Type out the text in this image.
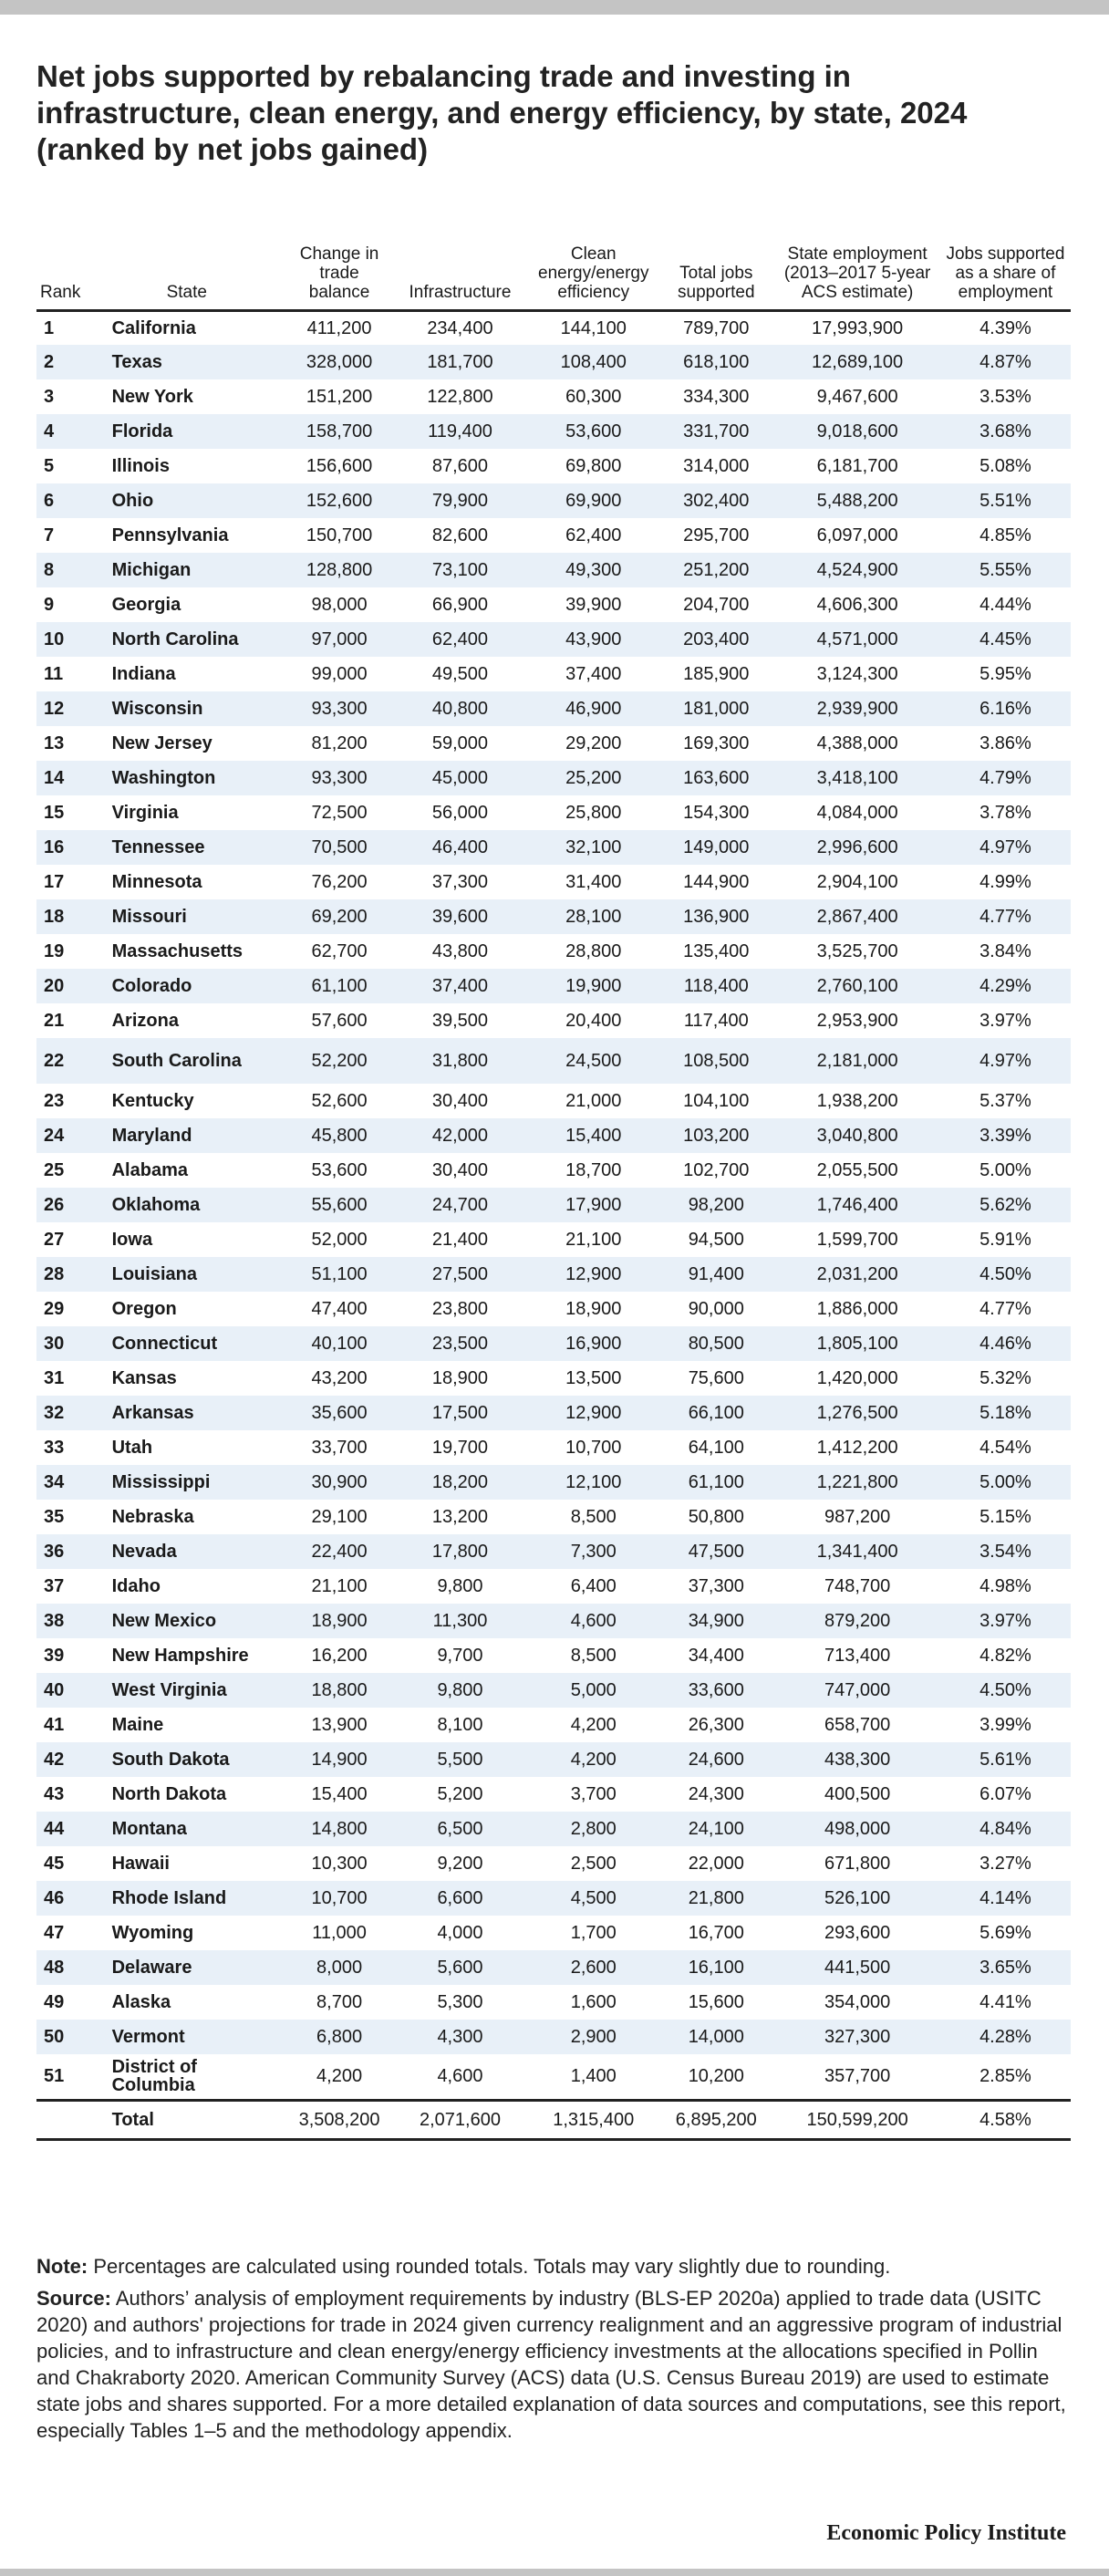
Net jobs supported by rebalancing trade and investing in infrastructure, clean energy, and energy efficiency, by state, 2024 (ranked by net jobs gained)
Rank	State	Change in trade balance	Infrastructure	Clean energy/energy efficiency	Total jobs supported	State employment (2013–2017 5-year ACS estimate)	Jobs supported as a share of employment
1	California	411,200	234,400	144,100	789,700	17,993,900	4.39%
2	Texas	328,000	181,700	108,400	618,100	12,689,100	4.87%
3	New York	151,200	122,800	60,300	334,300	9,467,600	3.53%
4	Florida	158,700	119,400	53,600	331,700	9,018,600	3.68%
5	Illinois	156,600	87,600	69,800	314,000	6,181,700	5.08%
6	Ohio	152,600	79,900	69,900	302,400	5,488,200	5.51%
7	Pennsylvania	150,700	82,600	62,400	295,700	6,097,000	4.85%
8	Michigan	128,800	73,100	49,300	251,200	4,524,900	5.55%
9	Georgia	98,000	66,900	39,900	204,700	4,606,300	4.44%
10	North Carolina	97,000	62,400	43,900	203,400	4,571,000	4.45%
11	Indiana	99,000	49,500	37,400	185,900	3,124,300	5.95%
12	Wisconsin	93,300	40,800	46,900	181,000	2,939,900	6.16%
13	New Jersey	81,200	59,000	29,200	169,300	4,388,000	3.86%
14	Washington	93,300	45,000	25,200	163,600	3,418,100	4.79%
15	Virginia	72,500	56,000	25,800	154,300	4,084,000	3.78%
16	Tennessee	70,500	46,400	32,100	149,000	2,996,600	4.97%
17	Minnesota	76,200	37,300	31,400	144,900	2,904,100	4.99%
18	Missouri	69,200	39,600	28,100	136,900	2,867,400	4.77%
19	Massachusetts	62,700	43,800	28,800	135,400	3,525,700	3.84%
20	Colorado	61,100	37,400	19,900	118,400	2,760,100	4.29%
21	Arizona	57,600	39,500	20,400	117,400	2,953,900	3.97%
22	South Carolina	52,200	31,800	24,500	108,500	2,181,000	4.97%
23	Kentucky	52,600	30,400	21,000	104,100	1,938,200	5.37%
24	Maryland	45,800	42,000	15,400	103,200	3,040,800	3.39%
25	Alabama	53,600	30,400	18,700	102,700	2,055,500	5.00%
26	Oklahoma	55,600	24,700	17,900	98,200	1,746,400	5.62%
27	Iowa	52,000	21,400	21,100	94,500	1,599,700	5.91%
28	Louisiana	51,100	27,500	12,900	91,400	2,031,200	4.50%
29	Oregon	47,400	23,800	18,900	90,000	1,886,000	4.77%
30	Connecticut	40,100	23,500	16,900	80,500	1,805,100	4.46%
31	Kansas	43,200	18,900	13,500	75,600	1,420,000	5.32%
32	Arkansas	35,600	17,500	12,900	66,100	1,276,500	5.18%
33	Utah	33,700	19,700	10,700	64,100	1,412,200	4.54%
34	Mississippi	30,900	18,200	12,100	61,100	1,221,800	5.00%
35	Nebraska	29,100	13,200	8,500	50,800	987,200	5.15%
36	Nevada	22,400	17,800	7,300	47,500	1,341,400	3.54%
37	Idaho	21,100	9,800	6,400	37,300	748,700	4.98%
38	New Mexico	18,900	11,300	4,600	34,900	879,200	3.97%
39	New Hampshire	16,200	9,700	8,500	34,400	713,400	4.82%
40	West Virginia	18,800	9,800	5,000	33,600	747,000	4.50%
41	Maine	13,900	8,100	4,200	26,300	658,700	3.99%
42	South Dakota	14,900	5,500	4,200	24,600	438,300	5.61%
43	North Dakota	15,400	5,200	3,700	24,300	400,500	6.07%
44	Montana	14,800	6,500	2,800	24,100	498,000	4.84%
45	Hawaii	10,300	9,200	2,500	22,000	671,800	3.27%
46	Rhode Island	10,700	6,600	4,500	21,800	526,100	4.14%
47	Wyoming	11,000	4,000	1,700	16,700	293,600	5.69%
48	Delaware	8,000	5,600	2,600	16,100	441,500	3.65%
49	Alaska	8,700	5,300	1,600	15,600	354,000	4.41%
50	Vermont	6,800	4,300	2,900	14,000	327,300	4.28%
51	District of Columbia	4,200	4,600	1,400	10,200	357,700	2.85%
	Total	3,508,200	2,071,600	1,315,400	6,895,200	150,599,200	4.58%

Note: Percentages are calculated using rounded totals. Totals may vary slightly due to rounding.

Source: Authors’ analysis of employment requirements by industry (BLS-EP 2020a) applied to trade data (USITC 2020) and authors' projections for trade in 2024 given currency realignment and an aggressive program of industrial policies, and to infrastructure and clean energy/energy efficiency investments at the allocations specified in Pollin and Chakraborty 2020. American Community Survey (ACS) data (U.S. Census Bureau 2019) are used to estimate state jobs and shares supported. For a more detailed explanation of data sources and computations, see this report, especially Tables 1–5 and the methodology appendix.

Economic Policy Institute
